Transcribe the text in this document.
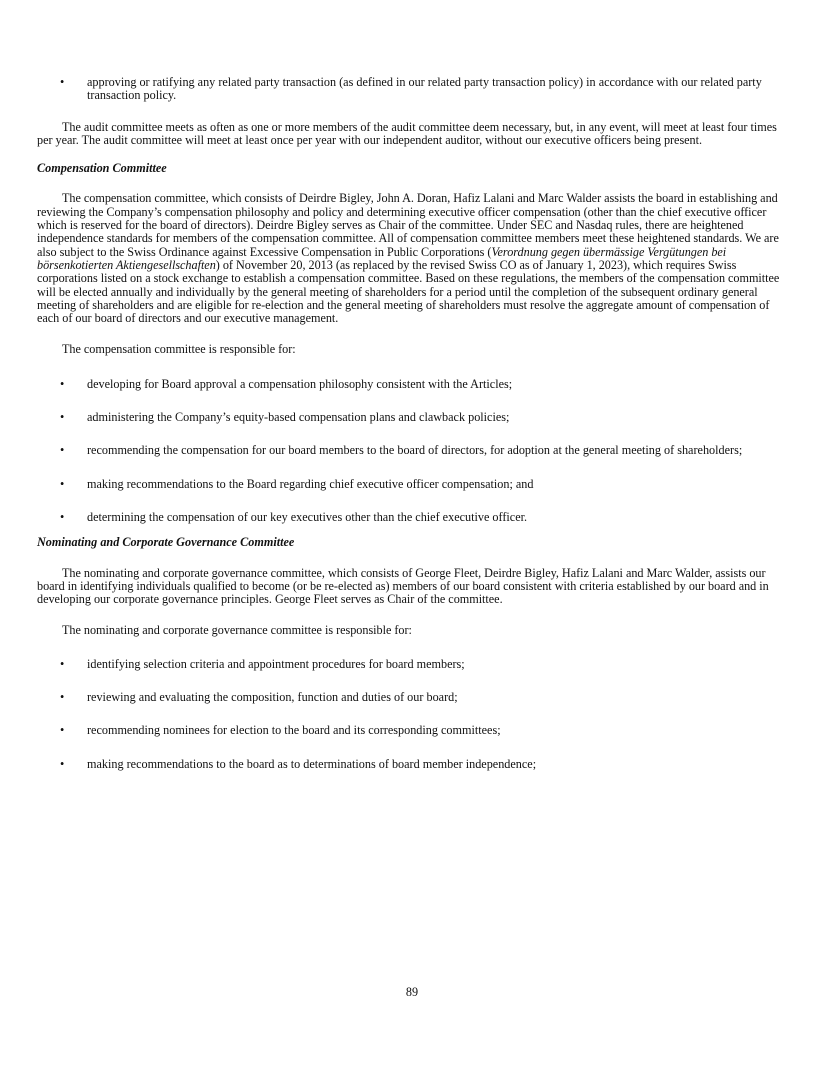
• approving or ratifying any related party transaction (as defined in our related party transaction policy) in accordance with our related party transaction policy.

The audit committee meets as often as one or more members of the audit committee deem necessary, but, in any event, will meet at least four times per year. The audit committee will meet at least once per year with our independent auditor, without our executive officers being present.

Compensation Committee

The compensation committee, which consists of Deirdre Bigley, John A. Doran, Hafiz Lalani and Marc Walder assists the board in establishing and reviewing the Company’s compensation philosophy and policy and determining executive officer compensation (other than the chief executive officer which is reserved for the board of directors). Deirdre Bigley serves as Chair of the committee. Under SEC and Nasdaq rules, there are heightened independence standards for members of the compensation committee. All of compensation committee members meet these heightened standards. We are also subject to the Swiss Ordinance against Excessive Compensation in Public Corporations (Verordnung gegen übermässige Vergütungen bei börsenkotierten Aktiengesellschaften) of November 20, 2013 (as replaced by the revised Swiss CO as of January 1, 2023), which requires Swiss corporations listed on a stock exchange to establish a compensation committee. Based on these regulations, the members of the compensation committee will be elected annually and individually by the general meeting of shareholders for a period until the completion of the subsequent ordinary general meeting of shareholders and are eligible for re-election and the general meeting of shareholders must resolve the aggregate amount of compensation of each of our board of directors and our executive management.

The compensation committee is responsible for:

• developing for Board approval a compensation philosophy consistent with the Articles;
• administering the Company’s equity-based compensation plans and clawback policies;
• recommending the compensation for our board members to the board of directors, for adoption at the general meeting of shareholders;
• making recommendations to the Board regarding chief executive officer compensation; and
• determining the compensation of our key executives other than the chief executive officer.

Nominating and Corporate Governance Committee

The nominating and corporate governance committee, which consists of George Fleet, Deirdre Bigley, Hafiz Lalani and Marc Walder, assists our board in identifying individuals qualified to become (or be re-elected as) members of our board consistent with criteria established by our board and in developing our corporate governance principles. George Fleet serves as Chair of the committee.

The nominating and corporate governance committee is responsible for:

• identifying selection criteria and appointment procedures for board members;
• reviewing and evaluating the composition, function and duties of our board;
• recommending nominees for election to the board and its corresponding committees;
• making recommendations to the board as to determinations of board member independence;
89
